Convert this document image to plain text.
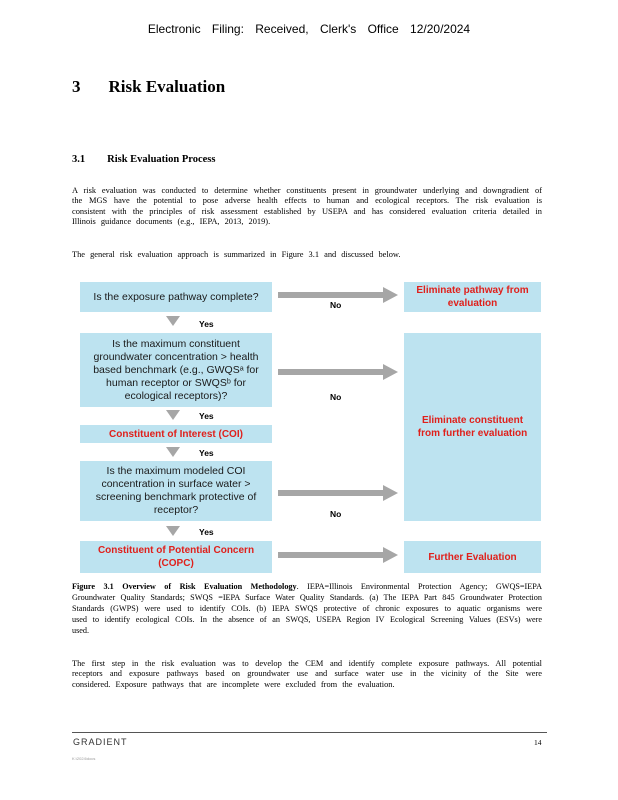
Electronic Filing: Received, Clerk's Office 12/20/2024
3 Risk Evaluation
3.1 Risk Evaluation Process
A risk evaluation was conducted to determine whether constituents present in groundwater underlying and downgradient of the MGS have the potential to pose adverse health effects to human and ecological receptors. The risk evaluation is consistent with the principles of risk assessment established by USEPA and has considered evaluation criteria detailed in Illinois guidance documents (e.g., IEPA, 2013, 2019).
The general risk evaluation approach is summarized in Figure 3.1 and discussed below.
Is the exposure pathway complete?
Is the maximum constituent groundwater concentration > health based benchmark (e.g., GWQSᵃ for human receptor or SWQSᵇ for ecological receptors)?
Constituent of Interest (COI)
Is the maximum modeled COI concentration in surface water > screening benchmark protective of receptor?
Constituent of Potential Concern (COPC)
Eliminate pathway from evaluation
Eliminate constituent from further evaluation
Further Evaluation
No
No
No
Yes
Yes
Yes
Yes
Figure 3.1 Overview of Risk Evaluation Methodology. IEPA=Illinois Environmental Protection Agency; GWQS=IEPA Groundwater Quality Standards; SWQS =IEPA Surface Water Quality Standards. (a) The IEPA Part 845 Groundwater Protection Standards (GWPS) were used to identify COIs. (b) IEPA SWQS protective of chronic exposures to aquatic organisms were used to identify ecological COIs. In the absence of an SWQS, USEPA Region IV Ecological Screening Values (ESVs) were used.
The first step in the risk evaluation was to develop the CEM and identify complete exposure pathways. All potential receptors and exposure pathways based on groundwater use and surface water use in the vicinity of the Site were considered. Exposure pathways that are incomplete were excluded from the evaluation.
GRADIENT	14
K:\2024\docs
